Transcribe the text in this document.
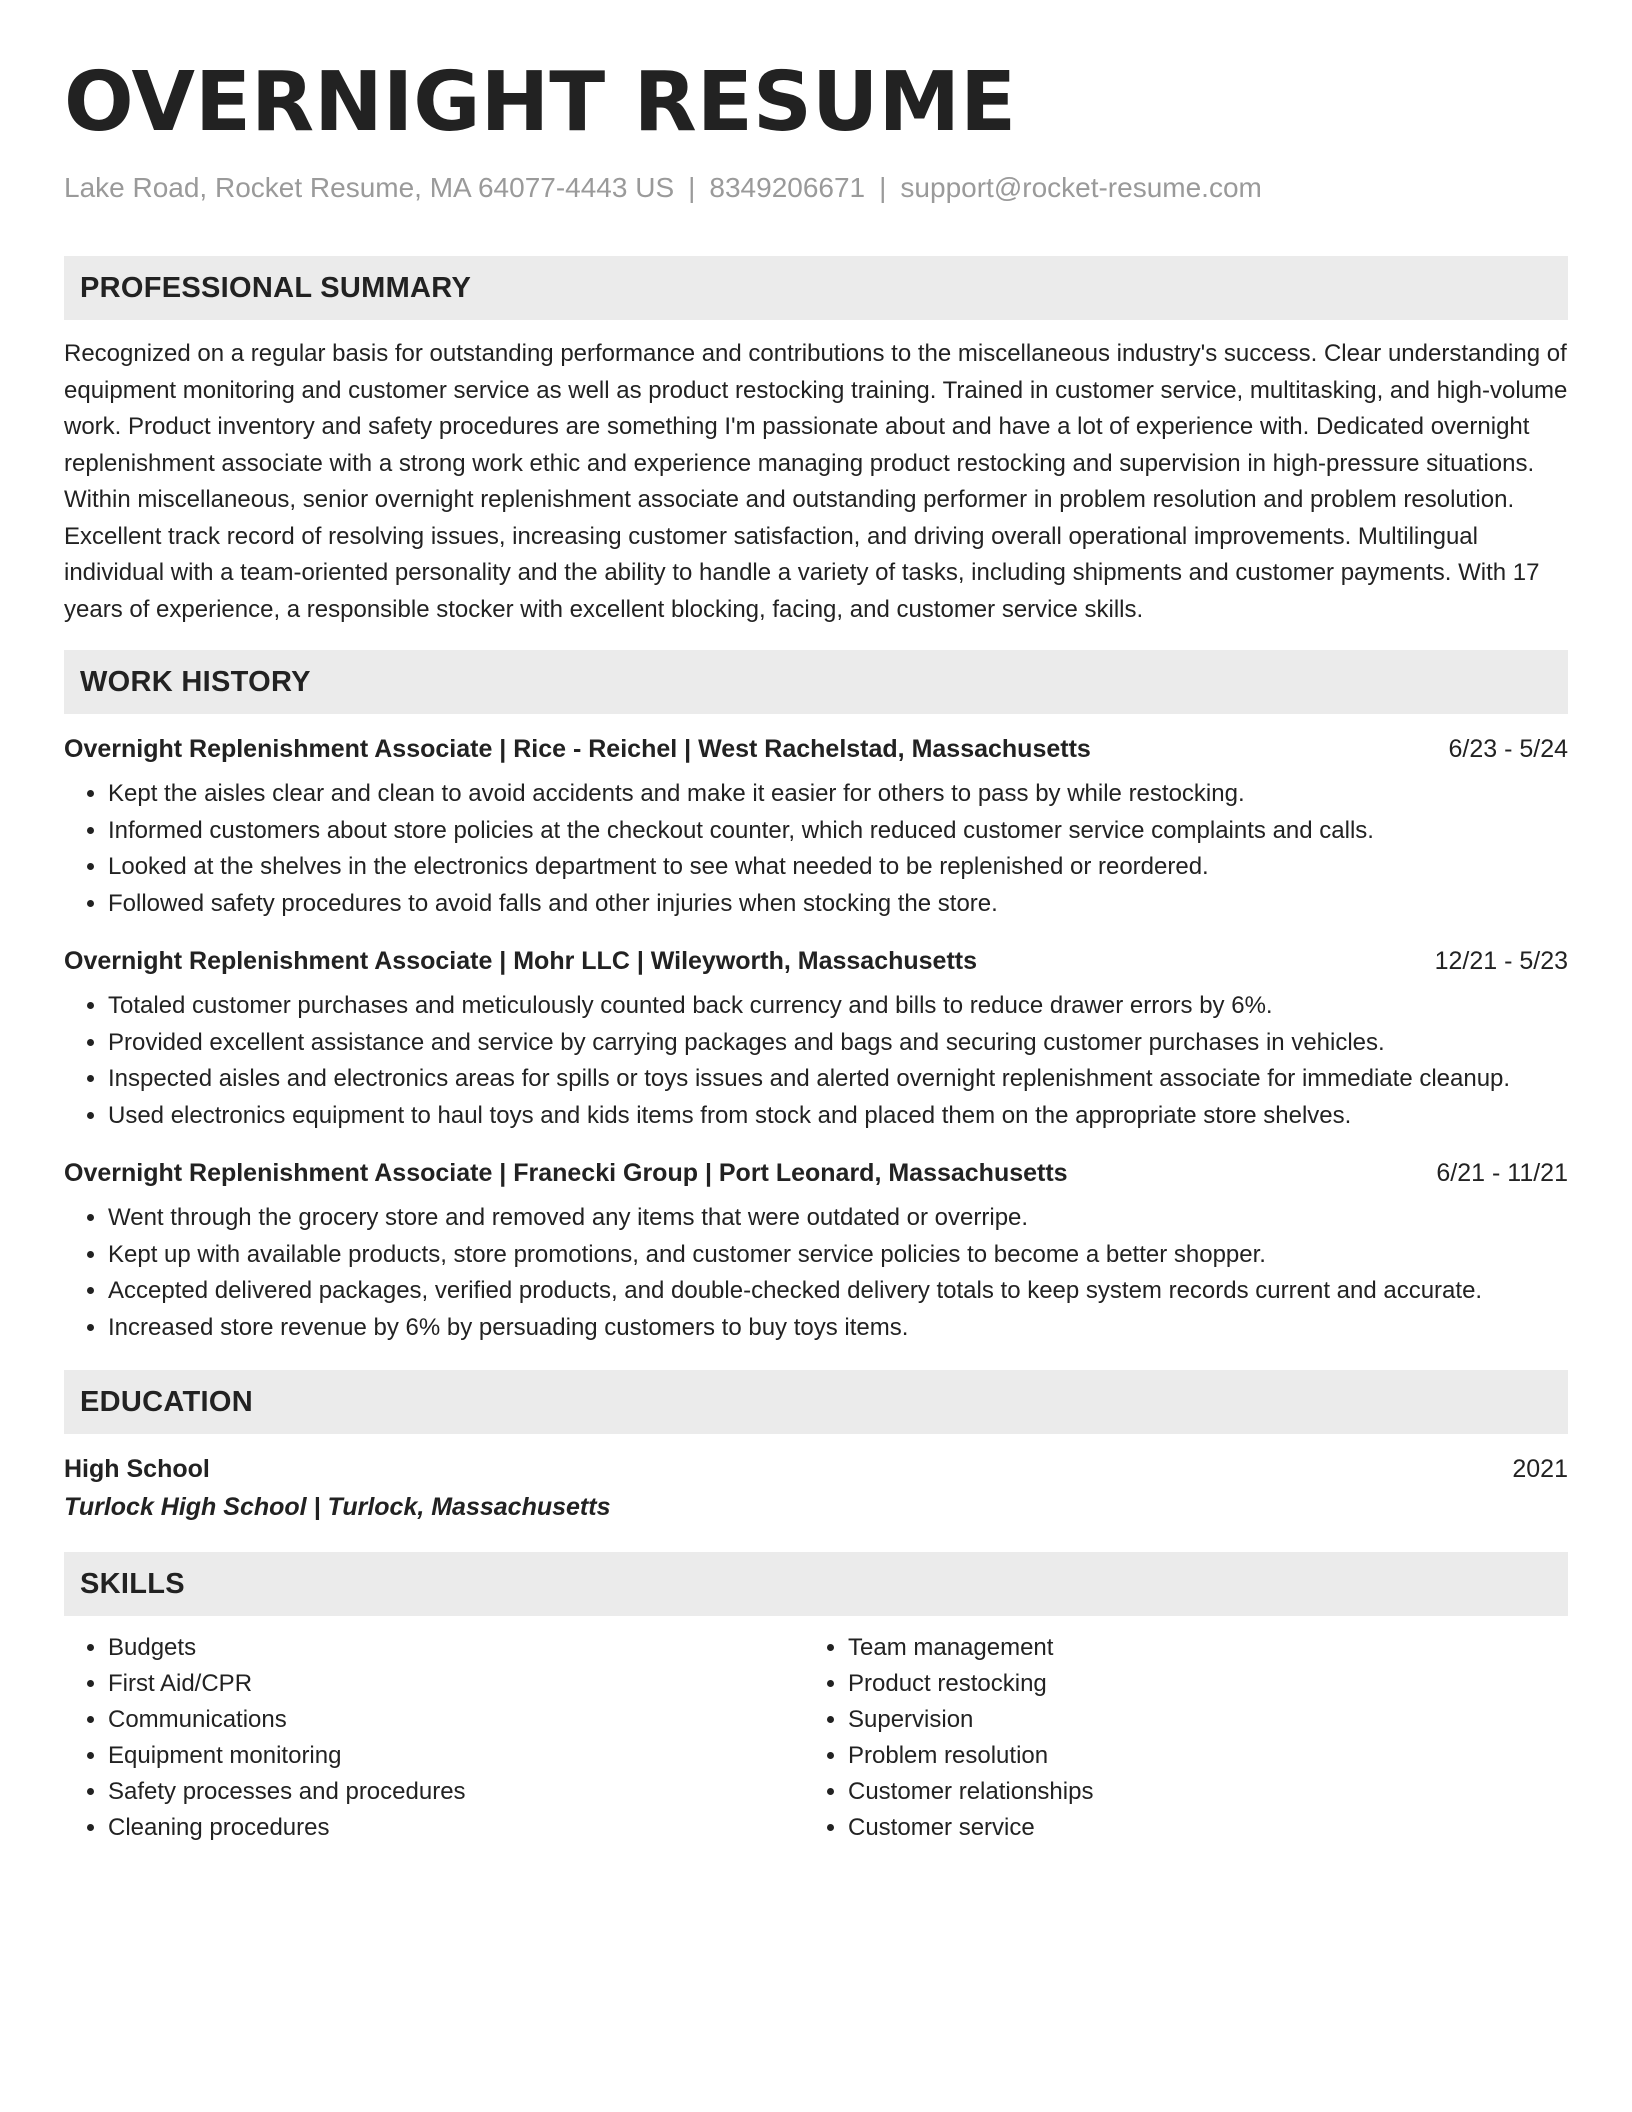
OVERNIGHT RESUME
Lake Road, Rocket Resume, MA 64077-4443 US | 8349206671 | support@rocket-resume.com
PROFESSIONAL SUMMARY
Recognized on a regular basis for outstanding performance and contributions to the miscellaneous industry's success. Clear understanding of equipment monitoring and customer service as well as product restocking training. Trained in customer service, multitasking, and high-volume work. Product inventory and safety procedures are something I'm passionate about and have a lot of experience with. Dedicated overnight replenishment associate with a strong work ethic and experience managing product restocking and supervision in high-pressure situations. Within miscellaneous, senior overnight replenishment associate and outstanding performer in problem resolution and problem resolution. Excellent track record of resolving issues, increasing customer satisfaction, and driving overall operational improvements. Multilingual individual with a team-oriented personality and the ability to handle a variety of tasks, including shipments and customer payments. With 17 years of experience, a responsible stocker with excellent blocking, facing, and customer service skills.
WORK HISTORY
Overnight Replenishment Associate | Rice - Reichel | West Rachelstad, Massachusetts	6/23 - 5/24
• Kept the aisles clear and clean to avoid accidents and make it easier for others to pass by while restocking.
• Informed customers about store policies at the checkout counter, which reduced customer service complaints and calls.
• Looked at the shelves in the electronics department to see what needed to be replenished or reordered.
• Followed safety procedures to avoid falls and other injuries when stocking the store.
Overnight Replenishment Associate | Mohr LLC | Wileyworth, Massachusetts	12/21 - 5/23
• Totaled customer purchases and meticulously counted back currency and bills to reduce drawer errors by 6%.
• Provided excellent assistance and service by carrying packages and bags and securing customer purchases in vehicles.
• Inspected aisles and electronics areas for spills or toys issues and alerted overnight replenishment associate for immediate cleanup.
• Used electronics equipment to haul toys and kids items from stock and placed them on the appropriate store shelves.
Overnight Replenishment Associate | Franecki Group | Port Leonard, Massachusetts	6/21 - 11/21
• Went through the grocery store and removed any items that were outdated or overripe.
• Kept up with available products, store promotions, and customer service policies to become a better shopper.
• Accepted delivered packages, verified products, and double-checked delivery totals to keep system records current and accurate.
• Increased store revenue by 6% by persuading customers to buy toys items.
EDUCATION
High School	2021
Turlock High School | Turlock, Massachusetts
SKILLS
• Budgets
• First Aid/CPR
• Communications
• Equipment monitoring
• Safety processes and procedures
• Cleaning procedures
• Team management
• Product restocking
• Supervision
• Problem resolution
• Customer relationships
• Customer service
